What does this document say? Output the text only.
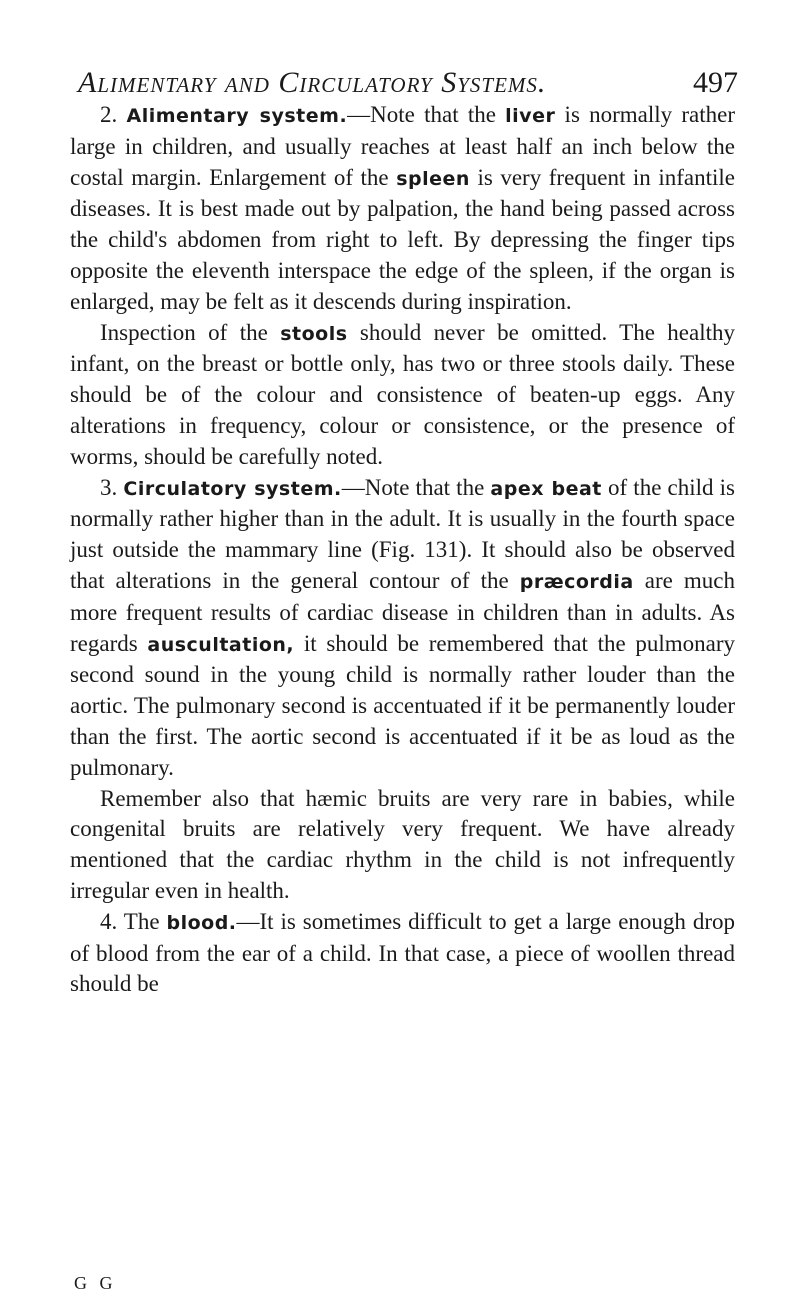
Alimentary and Circulatory Systems.	497

2. Alimentary system.—Note that the liver is normally rather large in children, and usually reaches at least half an inch below the costal margin. Enlargement of the spleen is very frequent in infantile diseases. It is best made out by palpation, the hand being passed across the child's abdomen from right to left. By depressing the finger tips opposite the eleventh interspace the edge of the spleen, if the organ is enlarged, may be felt as it descends during inspiration.

Inspection of the stools should never be omitted. The healthy infant, on the breast or bottle only, has two or three stools daily. These should be of the colour and consistence of beaten-up eggs. Any alterations in frequency, colour or consistence, or the presence of worms, should be carefully noted.

3. Circulatory system.—Note that the apex beat of the child is normally rather higher than in the adult. It is usually in the fourth space just outside the mammary line (Fig. 131). It should also be observed that alterations in the general contour of the præcordia are much more frequent results of cardiac disease in children than in adults. As regards auscultation, it should be remembered that the pulmonary second sound in the young child is normally rather louder than the aortic. The pulmonary second is accentuated if it be permanently louder than the first. The aortic second is accentuated if it be as loud as the pulmonary.

Remember also that hæmic bruits are very rare in babies, while congenital bruits are relatively very frequent. We have already mentioned that the cardiac rhythm in the child is not infrequently irregular even in health.

4. The blood.—It is sometimes difficult to get a large enough drop of blood from the ear of a child. In that case, a piece of woollen thread should be

G G
